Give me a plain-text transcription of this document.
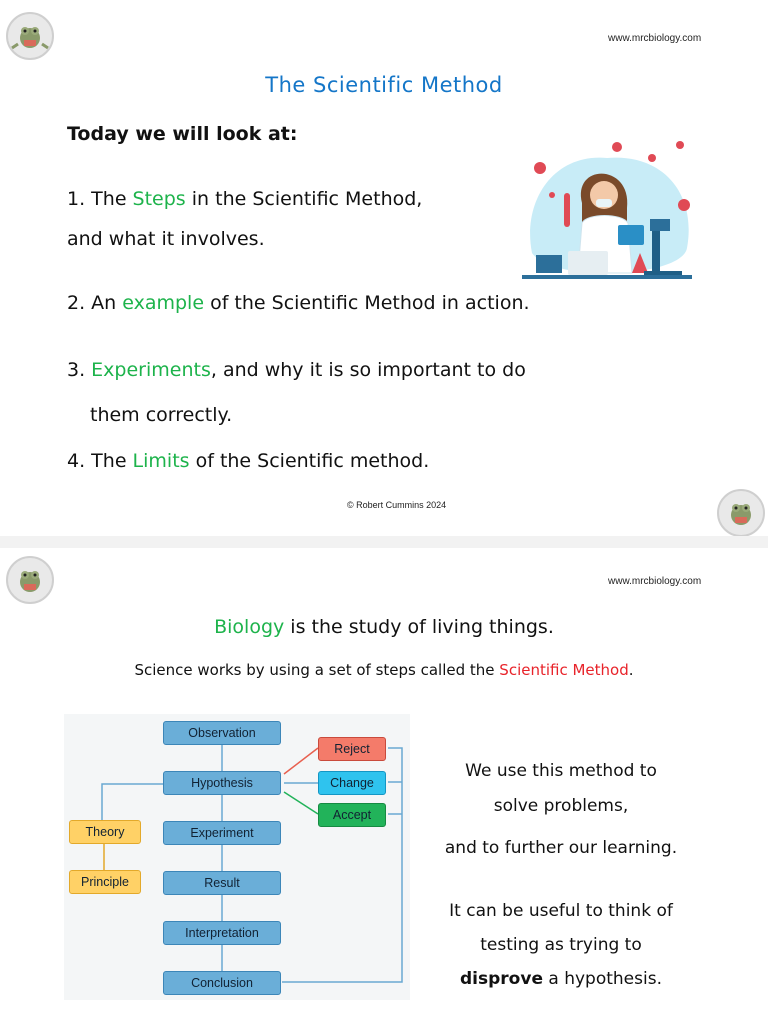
www.mrcbiology.com
The Scientific Method
Today we will look at:
1. The Steps in the Scientific Method,
and what it involves.
2. An example of the Scientific Method in action.
3. Experiments, and why it is so important to do
them correctly.
4. The Limits of the Scientific method.
© Robert Cummins 2024
www.mrcbiology.com
Biology is the study of living things.
Science works by using a set of steps called the Scientific Method.
Observation
Hypothesis
Experiment
Result
Interpretation
Conclusion
Theory
Principle
Reject
Change
Accept
We use this method to
solve problems,
and to further our learning.
It can be useful to think of
testing as trying to
disprove a hypothesis.
